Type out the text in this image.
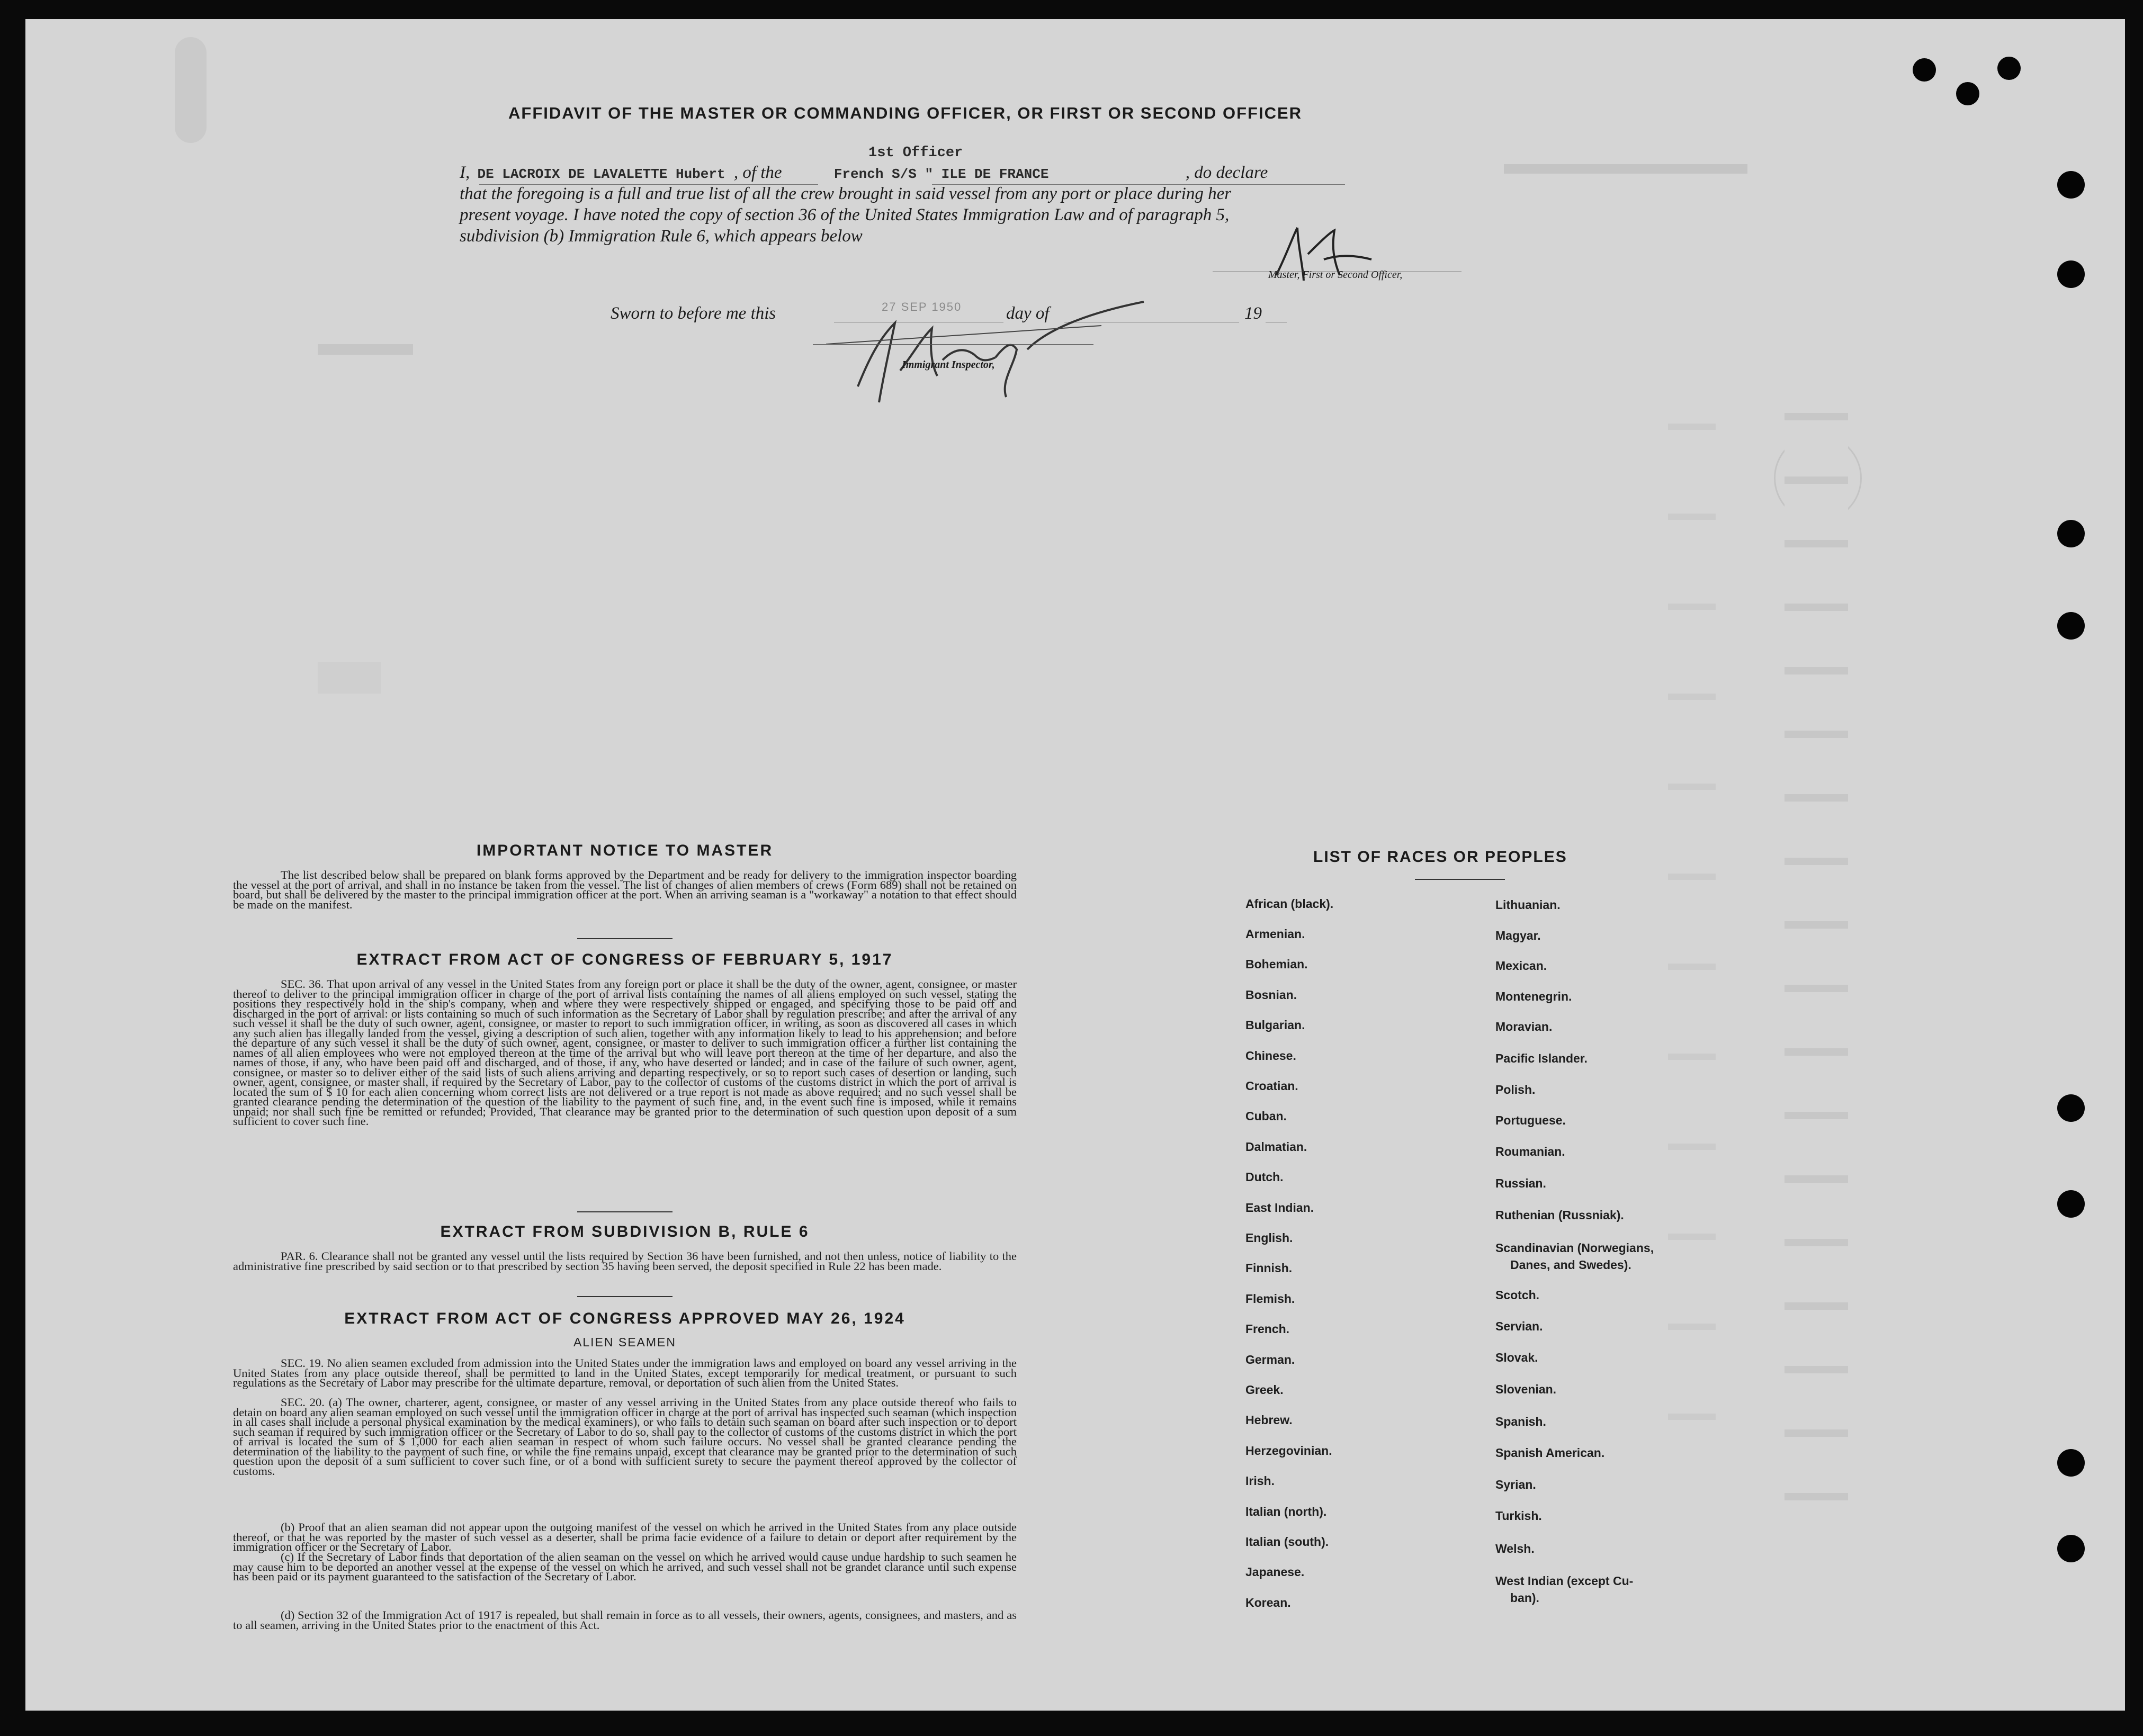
AFFIDAVIT OF THE MASTER OR COMMANDING OFFICER, OR FIRST OR SECOND OFFICER
1st Officer
I, DE LACROIX DE LAVALETTE Hubert , of the	French S/S " ILE DE FRANCE	, do declare
that the foregoing is a full and true list of all the crew brought in said vessel from any port or place during her
present voyage. I have noted the copy of section 36 of the United States Immigration Law and of paragraph 5,
subdivision (b) Immigration Rule 6, which appears below
Master, First or Second Officer,
Sworn to before me this	27 SEP 1950	day of	19
Immigrant Inspector,
IMPORTANT NOTICE TO MASTER
The list described below shall be prepared on blank forms approved by the Department and be ready for delivery to the immigration inspector boarding the vessel at the port of arrival, and shall in no instance be taken from the vessel. The list of changes of alien members of crews (Form 689) shall not be retained on board, but shall be delivered by the master to the principal immigration officer at the port. When an arriving seaman is a "workaway" a notation to that effect should be made on the manifest.
EXTRACT FROM ACT OF CONGRESS OF FEBRUARY 5, 1917
SEC. 36. That upon arrival of any vessel in the United States from any foreign port or place it shall be the duty of the owner, agent, consignee, or master thereof to deliver to the principal immigration officer in charge of the port of arrival lists containing the names of all aliens employed on such vessel, stating the positions they respectively hold in the ship's company, when and where they were respectively shipped or engaged, and specifying those to be paid off and discharged in the port of arrival: or lists containing so much of such information as the Secretary of Labor shall by regulation prescribe; and after the arrival of any such vessel it shall be the duty of such owner, agent, consignee, or master to report to such immigration officer, in writing, as soon as discovered all cases in which any such alien has illegally landed from the vessel, giving a description of such alien, together with any information likely to lead to his apprehension; and before the departure of any such vessel it shall be the duty of such owner, agent, consignee, or master to deliver to such immigration officer a further list containing the names of all alien employees who were not employed thereon at the time of the arrival but who will leave port thereon at the time of her departure, and also the names of those, if any, who have been paid off and discharged, and of those, if any, who have deserted or landed; and in case of the failure of such owner, agent, consignee, or master so to deliver either of the said lists of such aliens arriving and departing respectively, or so to report such cases of desertion or landing, such owner, agent, consignee, or master shall, if required by the Secretary of Labor, pay to the collector of customs of the customs district in which the port of arrival is located the sum of $ 10 for each alien concerning whom correct lists are not delivered or a true report is not made as above required; and no such vessel shall be granted clearance pending the determination of the question of the liability to the payment of such fine, and, in the event such fine is imposed, while it remains unpaid; nor shall such fine be remitted or refunded; Provided, That clearance may be granted prior to the determination of such question upon deposit of a sum sufficient to cover such fine.
EXTRACT FROM SUBDIVISION B, RULE 6
PAR. 6. Clearance shall not be granted any vessel until the lists required by Section 36 have been furnished, and not then unless, notice of liability to the administrative fine prescribed by said section or to that prescribed by section 35 having been served, the deposit specified in Rule 22 has been made.
EXTRACT FROM ACT OF CONGRESS APPROVED MAY 26, 1924
ALIEN SEAMEN
SEC. 19. No alien seamen excluded from admission into the United States under the immigration laws and employed on board any vessel arriving in the United States from any place outside thereof, shall be permitted to land in the United States, except temporarily for medical treatment, or pursuant to such regulations as the Secretary of Labor may prescribe for the ultimate departure, removal, or deportation of such alien from the United States.
SEC. 20. (a) The owner, charterer, agent, consignee, or master of any vessel arriving in the United States from any place outside thereof who fails to detain on board any alien seaman employed on such vessel until the immigration officer in charge at the port of arrival has inspected such seaman (which inspection in all cases shall include a personal physical examination by the medical examiners), or who fails to detain such seaman on board after such inspection or to deport such seaman if required by such immigration officer or the Secretary of Labor to do so, shall pay to the collector of customs of the customs district in which the port of arrival is located the sum of $ 1,000 for each alien seaman in respect of whom such failure occurs. No vessel shall be granted clearance pending the determination of the liability to the payment of such fine, or while the fine remains unpaid, except that clearance may be granted prior to the determination of such question upon the deposit of a sum sufficient to cover such fine, or of a bond with sufficient surety to secure the payment thereof approved by the collector of customs.
(b) Proof that an alien seaman did not appear upon the outgoing manifest of the vessel on which he arrived in the United States from any place outside thereof, or that he was reported by the master of such vessel as a deserter, shall be prima facie evidence of a failure to detain or deport after requirement by the immigration officer or the Secretary of Labor.
(c) If the Secretary of Labor finds that deportation of the alien seaman on the vessel on which he arrived would cause undue hardship to such seamen he may cause him to be deported an another vessel at the expense of the vessel on which he arrived, and such vessel shall not be grandet clarance until such expense has been paid or its payment guaranteed to the satisfaction of the Secretary of Labor.
(d) Section 32 of the Immigration Act of 1917 is repealed, but shall remain in force as to all vessels, their owners, agents, consignees, and masters, and as to all seamen, arriving in the United States prior to the enactment of this Act.
LIST OF RACES OR PEOPLES
African (black).
Armenian.
Bohemian.
Bosnian.
Bulgarian.
Chinese.
Croatian.
Cuban.
Dalmatian.
Dutch.
East Indian.
English.
Finnish.
Flemish.
French.
German.
Greek.
Hebrew.
Herzegovinian.
Irish.
Italian (north).
Italian (south).
Japanese.
Korean.
Lithuanian.
Magyar.
Mexican.
Montenegrin.
Moravian.
Pacific Islander.
Polish.
Portuguese.
Roumanian.
Russian.
Ruthenian (Russniak).
Scandinavian (Norwegians,
Danes, and Swedes).
Scotch.
Servian.
Slovak.
Slovenian.
Spanish.
Spanish American.
Syrian.
Turkish.
Welsh.
West Indian (except Cu-
ban).
